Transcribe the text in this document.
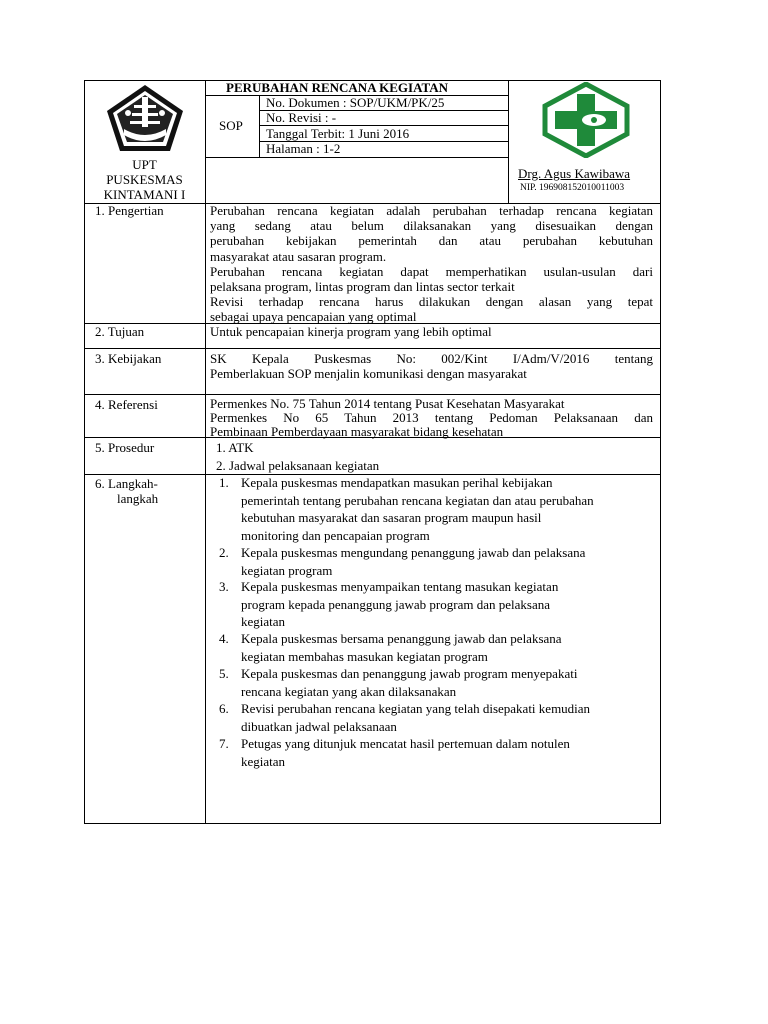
PERUBAHAN RENCANA KEGIATAN
SOP
No. Dokumen : SOP/UKM/PK/25
No. Revisi : -
Tanggal Terbit: 1 Juni 2016
Halaman : 1-2
UPT
PUSKESMAS
KINTAMANI I
Drg. Agus Kawibawa
NIP. 196908152010011003
1. Pengertian
2. Tujuan
3. Kebijakan
4. Referensi
5. Prosedur
6. Langkah-
langkah
Perubahan rencana kegiatan adalah perubahan terhadap rencana kegiatan
yang sedang atau belum dilaksanakan yang disesuaikan dengan
perubahan kebijakan pemerintah dan atau perubahan kebutuhan
masyarakat atau sasaran program.
Perubahan rencana kegiatan dapat memperhatikan usulan-usulan dari
pelaksana program, lintas program dan lintas sector terkait
Revisi terhadap rencana harus dilakukan dengan alasan yang tepat
sebagai upaya pencapaian yang optimal
Untuk pencapaian kinerja program yang lebih optimal
SK Kepala Puskesmas No: 002/Kint I/Adm/V/2016 tentang
Pemberlakuan SOP menjalin komunikasi dengan masyarakat
Permenkes No. 75 Tahun 2014 tentang Pusat Kesehatan Masyarakat
Permenkes No 65 Tahun 2013 tentang Pedoman Pelaksanaan dan
Pembinaan Pemberdayaan masyarakat bidang kesehatan
1. ATK
2. Jadwal pelaksanaan kegiatan
1. Kepala puskesmas mendapatkan masukan perihal kebijakan
pemerintah tentang perubahan rencana kegiatan dan atau perubahan
kebutuhan masyarakat dan sasaran program maupun hasil
monitoring dan pencapaian program
2. Kepala puskesmas mengundang penanggung jawab dan pelaksana
kegiatan program
3. Kepala puskesmas menyampaikan tentang masukan kegiatan
program kepada penanggung jawab program dan pelaksana
kegiatan
4. Kepala puskesmas bersama penanggung jawab dan pelaksana
kegiatan membahas masukan kegiatan program
5. Kepala puskesmas dan penanggung jawab program menyepakati
rencana kegiatan yang akan dilaksanakan
6. Revisi perubahan rencana kegiatan yang telah disepakati kemudian
dibuatkan jadwal pelaksanaan
7. Petugas yang ditunjuk mencatat hasil pertemuan dalam notulen
kegiatan
